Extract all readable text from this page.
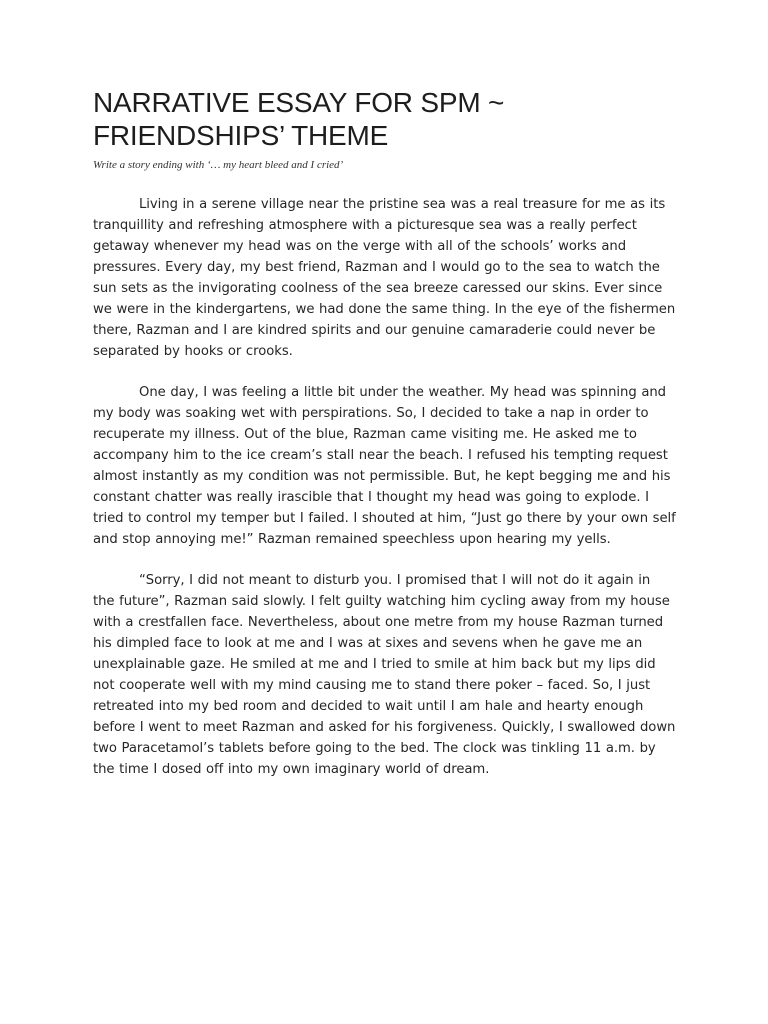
NARRATIVE ESSAY FOR SPM ~
FRIENDSHIPS’ THEME

Write a story ending with ‘… my heart bleed and I cried’

Living in a serene village near the pristine sea was a real treasure for me as its tranquillity and refreshing atmosphere with a picturesque sea was a really perfect getaway whenever my head was on the verge with all of the schools’ works and pressures. Every day, my best friend, Razman and I would go to the sea to watch the sun sets as the invigorating coolness of the sea breeze caressed our skins. Ever since we were in the kindergartens, we had done the same thing. In the eye of the fishermen there, Razman and I are kindred spirits and our genuine camaraderie could never be separated by hooks or crooks.

One day, I was feeling a little bit under the weather. My head was spinning and my body was soaking wet with perspirations. So, I decided to take a nap in order to recuperate my illness. Out of the blue, Razman came visiting me. He asked me to accompany him to the ice cream’s stall near the beach. I refused his tempting request almost instantly as my condition was not permissible. But, he kept begging me and his constant chatter was really irascible that I thought my head was going to explode. I tried to control my temper but I failed. I shouted at him, “Just go there by your own self and stop annoying me!” Razman remained speechless upon hearing my yells.

“Sorry, I did not meant to disturb you. I promised that I will not do it again in the future”, Razman said slowly. I felt guilty watching him cycling away from my house with a crestfallen face. Nevertheless, about one metre from my house Razman turned his dimpled face to look at me and I was at sixes and sevens when he gave me an unexplainable gaze. He smiled at me and I tried to smile at him back but my lips did not cooperate well with my mind causing me to stand there poker – faced. So, I just retreated into my bed room and decided to wait until I am hale and hearty enough before I went to meet Razman and asked for his forgiveness. Quickly, I swallowed down two Paracetamol’s tablets before going to the bed. The clock was tinkling 11 a.m. by the time I dosed off into my own imaginary world of dream.
